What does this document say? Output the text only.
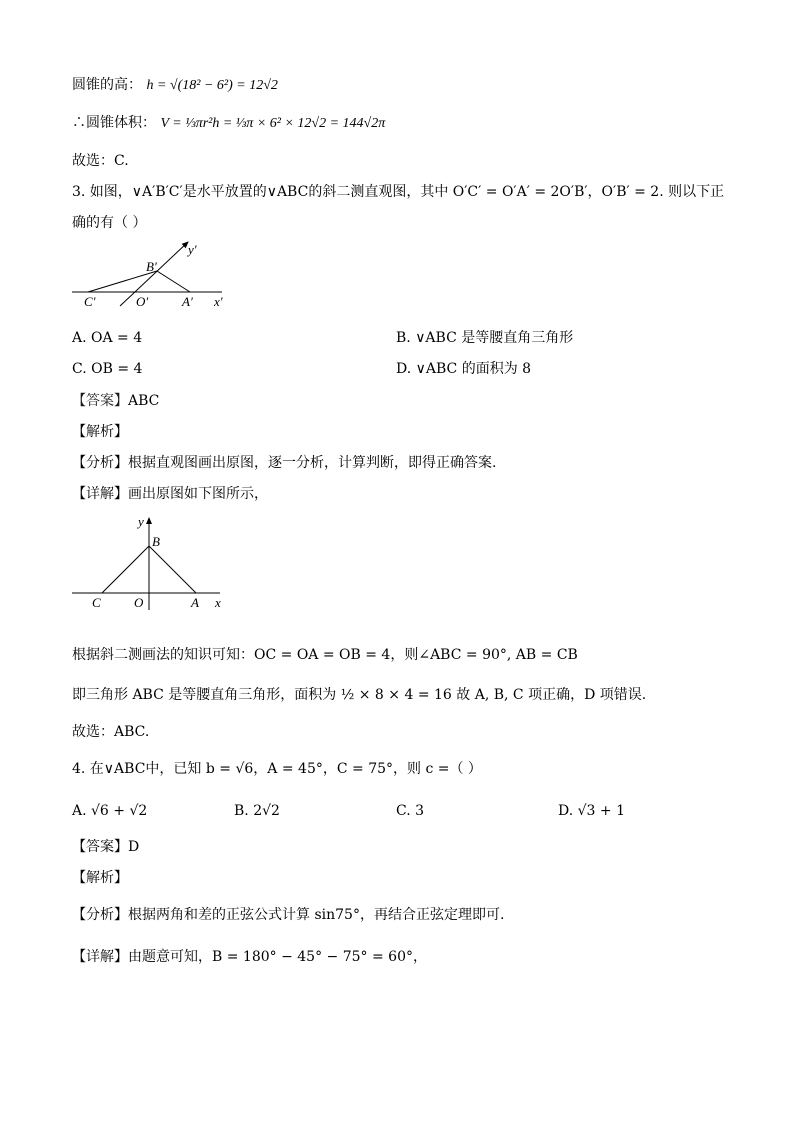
圆锥的高： h = √(18² − 6²) = 12√2
∴圆锥体积： V = ⅓πr²h = ⅓π × 6² × 12√2 = 144√2π
故选：C.
3. 如图，∨A′B′C′是水平放置的∨ABC的斜二测直观图，其中 O′C′ = O′A′ = 2O′B′，O′B′ = 2. 则以下正
确的有（ ）
y′
B′
C′	O′	A′ x′
A. OA = 4	B. ∨ABC 是等腰直角三角形
C. OB = 4	D. ∨ABC 的面积为 8
【答案】ABC
【解析】
【分析】根据直观图画出原图，逐一分析，计算判断，即得正确答案.
【详解】画出原图如下图所示，
y
B
C	O	A x
根据斜二测画法的知识可知：OC = OA = OB = 4，则∠ABC = 90°, AB = CB
即三角形 ABC 是等腰直角三角形，面积为 ½ × 8 × 4 = 16 故 A, B, C 项正确，D 项错误.
故选：ABC.
4. 在∨ABC中，已知 b = √6，A = 45°，C = 75°，则 c =（ ）
A. √6 + √2	B. 2√2	C. 3	D. √3 + 1
【答案】D
【解析】
【分析】根据两角和差的正弦公式计算 sin75°，再结合正弦定理即可.
【详解】由题意可知，B = 180° − 45° − 75° = 60°，
